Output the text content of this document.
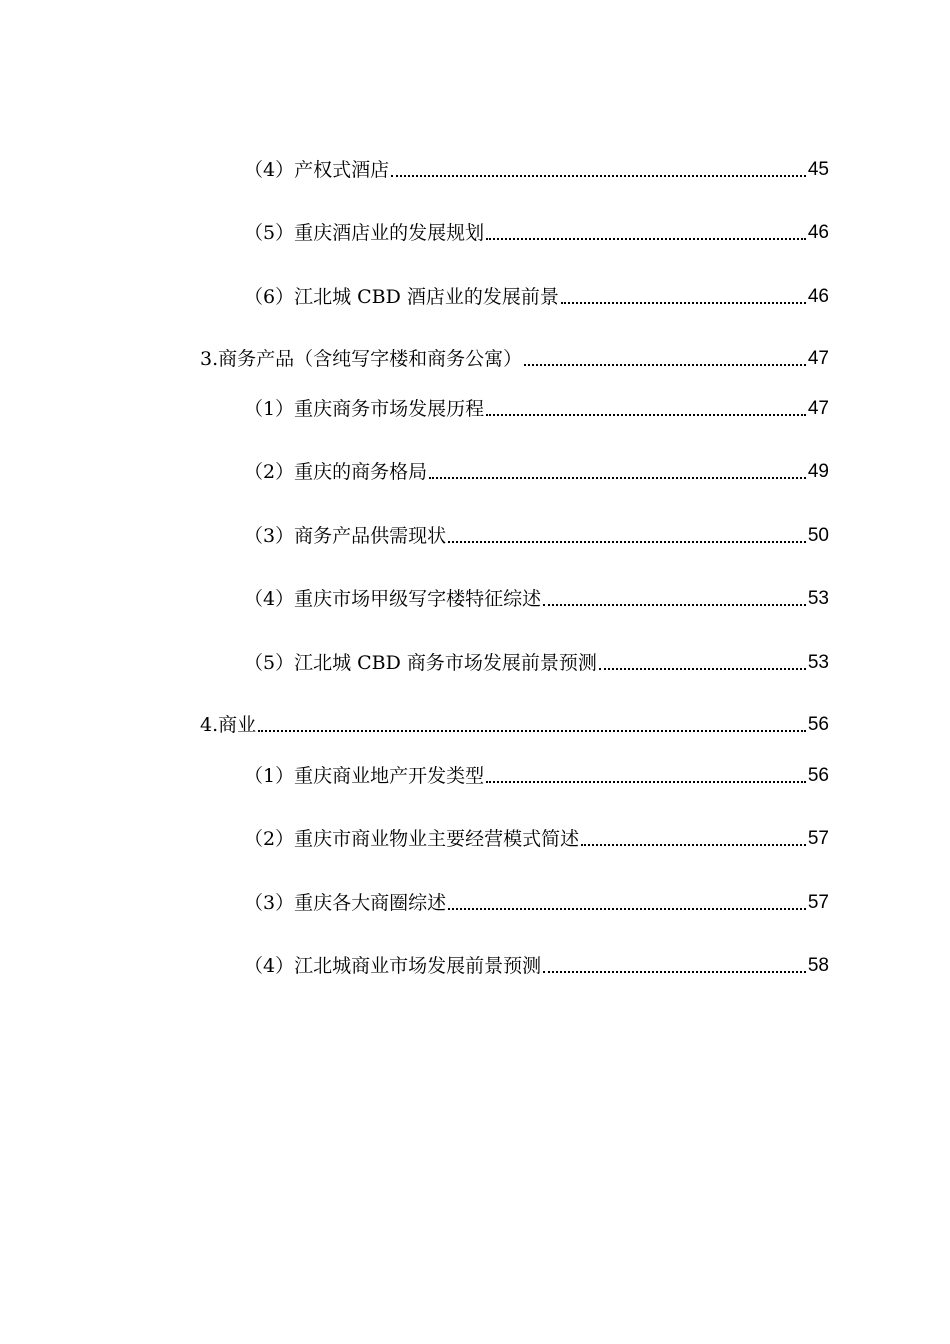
（4）产权式酒店	45
（5）重庆酒店业的发展规划	46
（6）江北城 CBD 酒店业的发展前景	46
3.商务产品（含纯写字楼和商务公寓）	47
（1）重庆商务市场发展历程	47
（2）重庆的商务格局	49
（3）商务产品供需现状	50
（4）重庆市场甲级写字楼特征综述	53
（5）江北城 CBD 商务市场发展前景预测	53
4.商业	56
（1）重庆商业地产开发类型	56
（2）重庆市商业物业主要经营模式简述	57
（3）重庆各大商圈综述	57
（4）江北城商业市场发展前景预测	58
